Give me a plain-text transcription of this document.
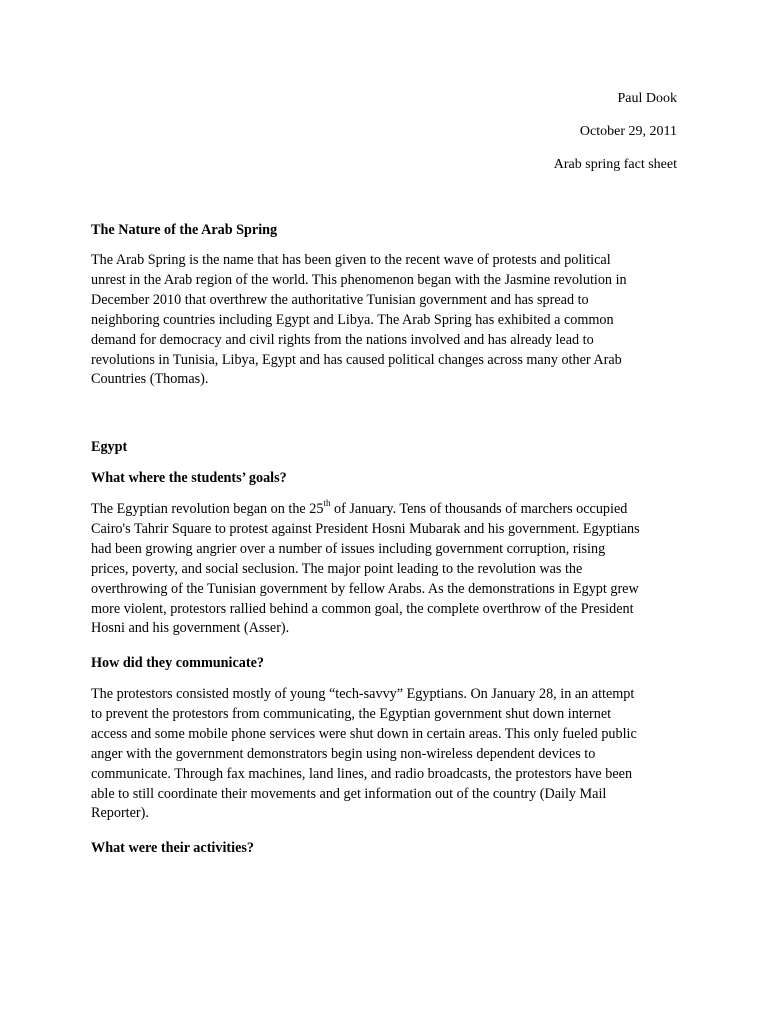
Paul Dook
October 29, 2011
Arab spring fact sheet
The Nature of the Arab Spring
The Arab Spring is the name that has been given to the recent wave of protests and political
unrest in the Arab region of the world. This phenomenon began with the Jasmine revolution in
December 2010 that overthrew the authoritative Tunisian government and has spread to
neighboring countries including Egypt and Libya. The Arab Spring has exhibited a common
demand for democracy and civil rights from the nations involved and has already lead to
revolutions in Tunisia, Libya, Egypt and has caused political changes across many other Arab
Countries (Thomas).
Egypt
What where the students’ goals?
The Egyptian revolution began on the 25th of January. Tens of thousands of marchers occupied
Cairo's Tahrir Square to protest against President Hosni Mubarak and his government. Egyptians
had been growing angrier over a number of issues including government corruption, rising
prices, poverty, and social seclusion. The major point leading to the revolution was the
overthrowing of the Tunisian government by fellow Arabs. As the demonstrations in Egypt grew
more violent, protestors rallied behind a common goal, the complete overthrow of the President
Hosni and his government (Asser).
How did they communicate?
The protestors consisted mostly of young “tech-savvy” Egyptians. On January 28, in an attempt
to prevent the protestors from communicating, the Egyptian government shut down internet
access and some mobile phone services were shut down in certain areas. This only fueled public
anger with the government demonstrators begin using non-wireless dependent devices to
communicate. Through fax machines, land lines, and radio broadcasts, the protestors have been
able to still coordinate their movements and get information out of the country (Daily Mail
Reporter).
What were their activities?
